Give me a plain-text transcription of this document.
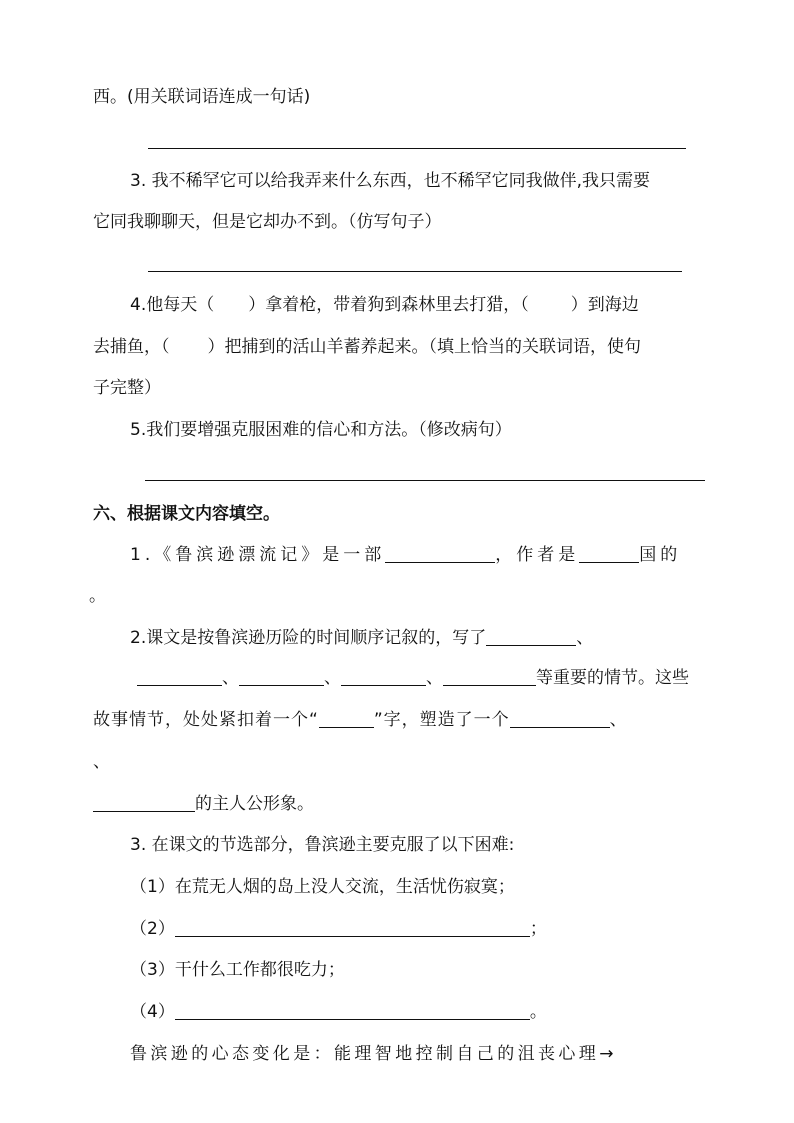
西。(用关联词语连成一句话)
3. 我不稀罕它可以给我弄来什么东西，也不稀罕它同我做伴,我只需要
它同我聊聊天，但是它却办不到。（仿写句子）
4.他每天（ ）拿着枪，带着狗到森林里去打猎，（ ）到海边
去捕鱼，（ ）把捕到的活山羊蓄养起来。（填上恰当的关联词语，使句
子完整）
5.我们要增强克服困难的信心和方法。（修改病句）
六、根据课文内容填空。
1.《鲁滨逊漂流记》是一部	，作者是	国的
。
2.课文是按鲁滨逊历险的时间顺序记叙的，写了	、
、	、	、	等重要的情节。这些
故事情节，处处紧扣着一个“	”字，塑造了一个	、
、
的主人公形象。
3. 在课文的节选部分，鲁滨逊主要克服了以下困难:
（1）在荒无人烟的岛上没人交流，生活忧伤寂寞；
（2）	；
（3）干什么工作都很吃力；
（4）	。
鲁滨逊的心态变化是：能理智地控制自己的沮丧心理→
